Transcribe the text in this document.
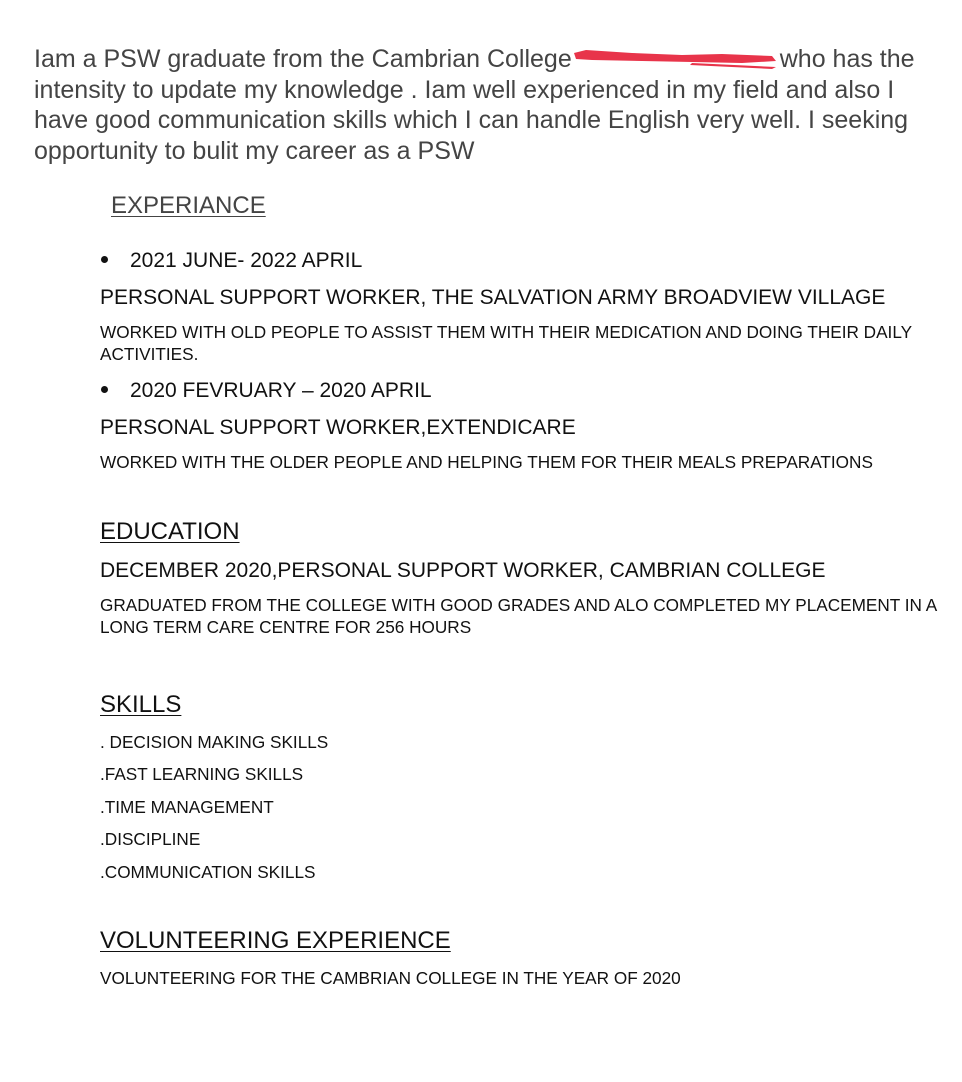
Iam a PSW graduate from the Cambrian College	who has the intensity to update my knowledge . Iam well experienced in my field and also I have good communication skills which I can handle English very well. I seeking opportunity to bulit my career as a PSW

EXPERIANCE
2021 JUNE- 2022 APRIL

PERSONAL SUPPORT WORKER, THE SALVATION ARMY BROADVIEW VILLAGE

WORKED WITH OLD PEOPLE TO ASSIST THEM WITH THEIR MEDICATION AND DOING THEIR DAILY ACTIVITIES.

2020 FEVRUARY – 2020 APRIL

PERSONAL SUPPORT WORKER,EXTENDICARE

WORKED WITH THE OLDER PEOPLE AND HELPING THEM FOR THEIR MEALS PREPARATIONS

EDUCATION

DECEMBER 2020,PERSONAL SUPPORT WORKER, CAMBRIAN COLLEGE

GRADUATED FROM THE COLLEGE WITH GOOD GRADES AND ALO COMPLETED MY PLACEMENT IN A LONG TERM CARE CENTRE FOR 256 HOURS

SKILLS

. DECISION MAKING SKILLS

.FAST LEARNING SKILLS

.TIME MANAGEMENT

.DISCIPLINE

.COMMUNICATION SKILLS

VOLUNTEERING EXPERIENCE

VOLUNTEERING FOR THE CAMBRIAN COLLEGE IN THE YEAR OF 2020
